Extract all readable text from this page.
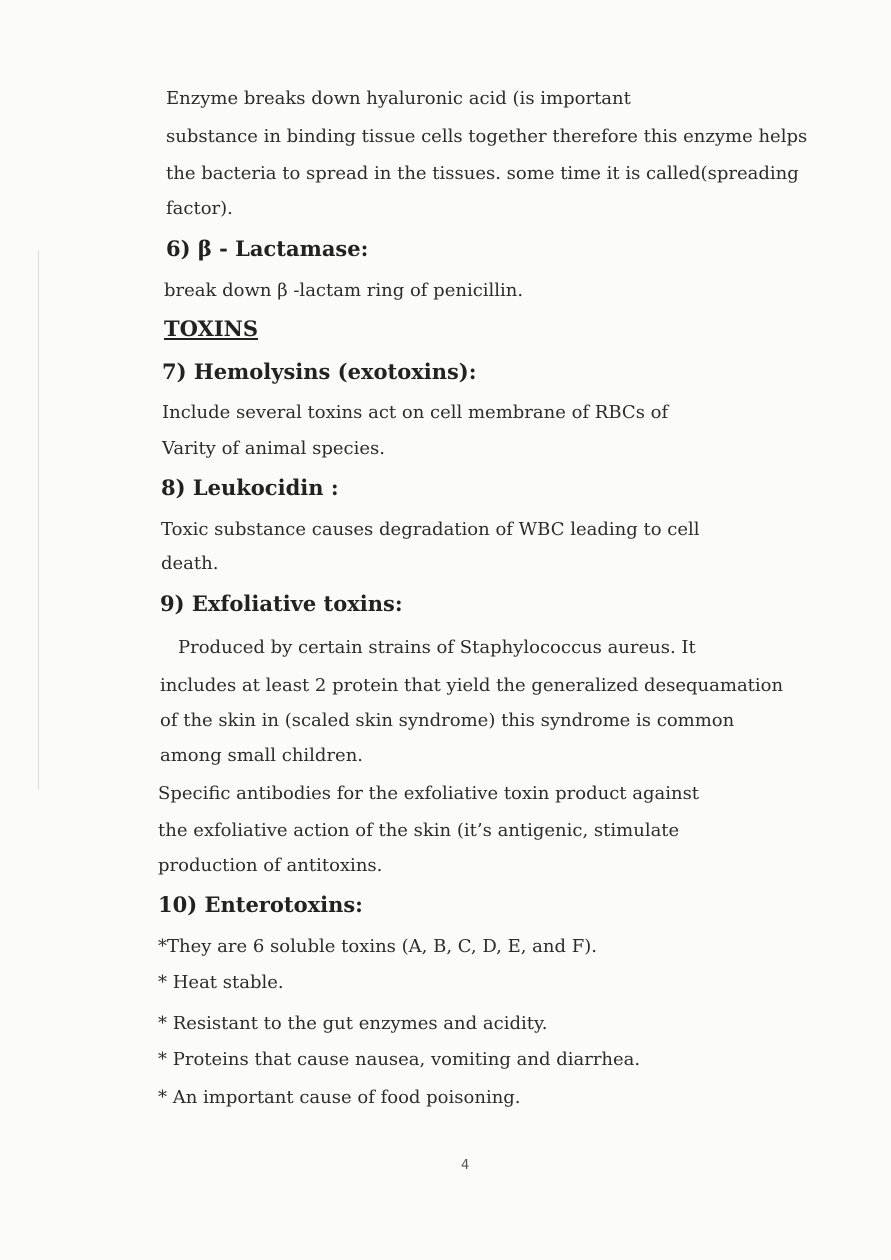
Enzyme breaks down hyaluronic acid (is important
substance in binding tissue cells together therefore this enzyme helps
the bacteria to spread in the tissues. some time it is called(spreading
factor).
6) β - Lactamase:
break down β -lactam ring of penicillin.
TOXINS
7) Hemolysins (exotoxins):
Include several toxins act on cell membrane of RBCs of
Varity of animal species.
8) Leukocidin :
Toxic substance causes degradation of WBC leading to cell
death.
9) Exfoliative toxins:
Produced by certain strains of Staphylococcus aureus. It
includes at least 2 protein that yield the generalized desequamation
of the skin in (scaled skin syndrome) this syndrome is common
among small children.
Specific antibodies for the exfoliative toxin product against
the exfoliative action of the skin (it’s antigenic, stimulate
production of antitoxins.
10) Enterotoxins:
*They are 6 soluble toxins (A, B, C, D, E, and F).
* Heat stable.
* Resistant to the gut enzymes and acidity.
* Proteins that cause nausea, vomiting and diarrhea.
* An important cause of food poisoning.
4
